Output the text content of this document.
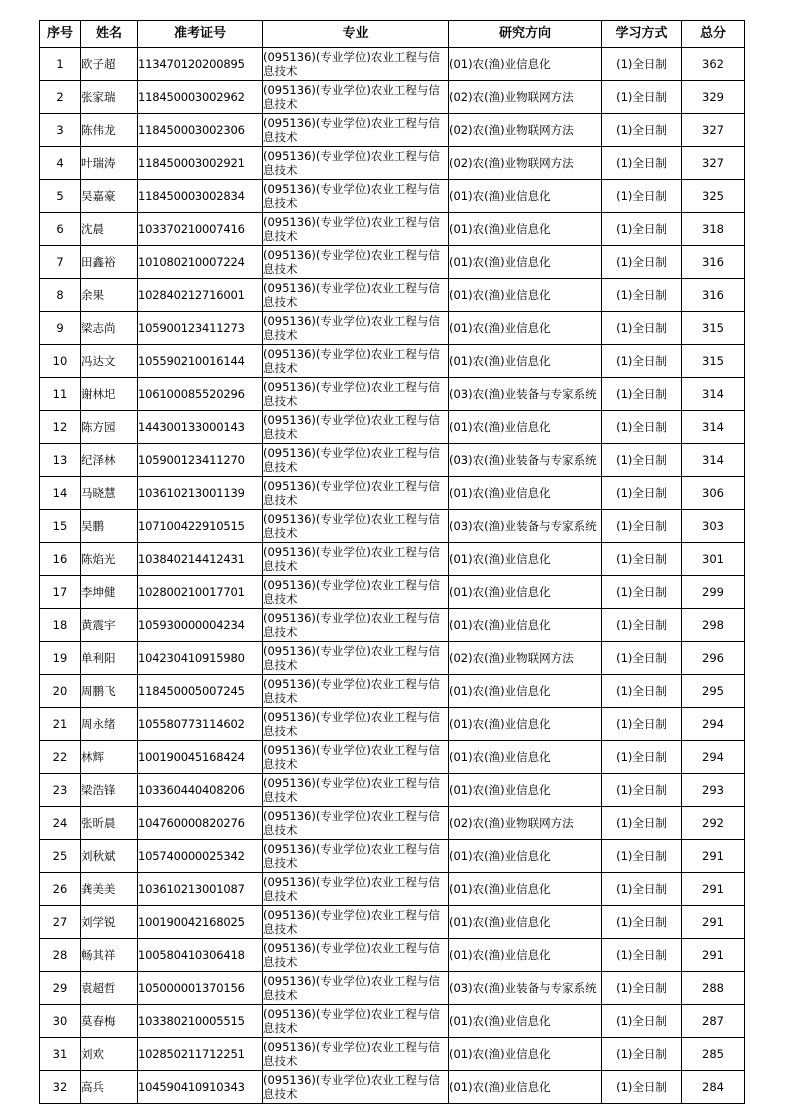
序号	姓名	准考证号	专业	研究方向	学习方式	总分
1	欧子超	113470120200895	(095136)(专业学位)农业工程与信息技术	(01)农(渔)业信息化	(1)全日制	362
2	张家瑞	118450003002962	(095136)(专业学位)农业工程与信息技术	(02)农(渔)业物联网方法	(1)全日制	329
3	陈伟龙	118450003002306	(095136)(专业学位)农业工程与信息技术	(02)农(渔)业物联网方法	(1)全日制	327
4	叶瑞涛	118450003002921	(095136)(专业学位)农业工程与信息技术	(02)农(渔)业物联网方法	(1)全日制	327
5	吴嘉豪	118450003002834	(095136)(专业学位)农业工程与信息技术	(01)农(渔)业信息化	(1)全日制	325
6	沈晨	103370210007416	(095136)(专业学位)农业工程与信息技术	(01)农(渔)业信息化	(1)全日制	318
7	田鑫裕	101080210007224	(095136)(专业学位)农业工程与信息技术	(01)农(渔)业信息化	(1)全日制	316
8	余果	102840212716001	(095136)(专业学位)农业工程与信息技术	(01)农(渔)业信息化	(1)全日制	316
9	梁志尚	105900123411273	(095136)(专业学位)农业工程与信息技术	(01)农(渔)业信息化	(1)全日制	315
10	冯达文	105590210016144	(095136)(专业学位)农业工程与信息技术	(01)农(渔)业信息化	(1)全日制	315
11	谢林圯	106100085520296	(095136)(专业学位)农业工程与信息技术	(03)农(渔)业装备与专家系统	(1)全日制	314
12	陈方园	144300133000143	(095136)(专业学位)农业工程与信息技术	(01)农(渔)业信息化	(1)全日制	314
13	纪泽林	105900123411270	(095136)(专业学位)农业工程与信息技术	(03)农(渔)业装备与专家系统	(1)全日制	314
14	马晓慧	103610213001139	(095136)(专业学位)农业工程与信息技术	(01)农(渔)业信息化	(1)全日制	306
15	吴鹏	107100422910515	(095136)(专业学位)农业工程与信息技术	(03)农(渔)业装备与专家系统	(1)全日制	303
16	陈焰光	103840214412431	(095136)(专业学位)农业工程与信息技术	(01)农(渔)业信息化	(1)全日制	301
17	李坤健	102800210017701	(095136)(专业学位)农业工程与信息技术	(01)农(渔)业信息化	(1)全日制	299
18	黄震宇	105930000004234	(095136)(专业学位)农业工程与信息技术	(01)农(渔)业信息化	(1)全日制	298
19	单利阳	104230410915980	(095136)(专业学位)农业工程与信息技术	(02)农(渔)业物联网方法	(1)全日制	296
20	周鹏飞	118450005007245	(095136)(专业学位)农业工程与信息技术	(01)农(渔)业信息化	(1)全日制	295
21	周永绪	105580773114602	(095136)(专业学位)农业工程与信息技术	(01)农(渔)业信息化	(1)全日制	294
22	林辉	100190045168424	(095136)(专业学位)农业工程与信息技术	(01)农(渔)业信息化	(1)全日制	294
23	梁浩锋	103360440408206	(095136)(专业学位)农业工程与信息技术	(01)农(渔)业信息化	(1)全日制	293
24	张昕晨	104760000820276	(095136)(专业学位)农业工程与信息技术	(02)农(渔)业物联网方法	(1)全日制	292
25	刘秋斌	105740000025342	(095136)(专业学位)农业工程与信息技术	(01)农(渔)业信息化	(1)全日制	291
26	龚美美	103610213001087	(095136)(专业学位)农业工程与信息技术	(01)农(渔)业信息化	(1)全日制	291
27	刘学锐	100190042168025	(095136)(专业学位)农业工程与信息技术	(01)农(渔)业信息化	(1)全日制	291
28	畅其祥	100580410306418	(095136)(专业学位)农业工程与信息技术	(01)农(渔)业信息化	(1)全日制	291
29	袁超哲	105000001370156	(095136)(专业学位)农业工程与信息技术	(03)农(渔)业装备与专家系统	(1)全日制	288
30	莫春梅	103380210005515	(095136)(专业学位)农业工程与信息技术	(01)农(渔)业信息化	(1)全日制	287
31	刘欢	102850211712251	(095136)(专业学位)农业工程与信息技术	(01)农(渔)业信息化	(1)全日制	285
32	高兵	104590410910343	(095136)(专业学位)农业工程与信息技术	(01)农(渔)业信息化	(1)全日制	284
